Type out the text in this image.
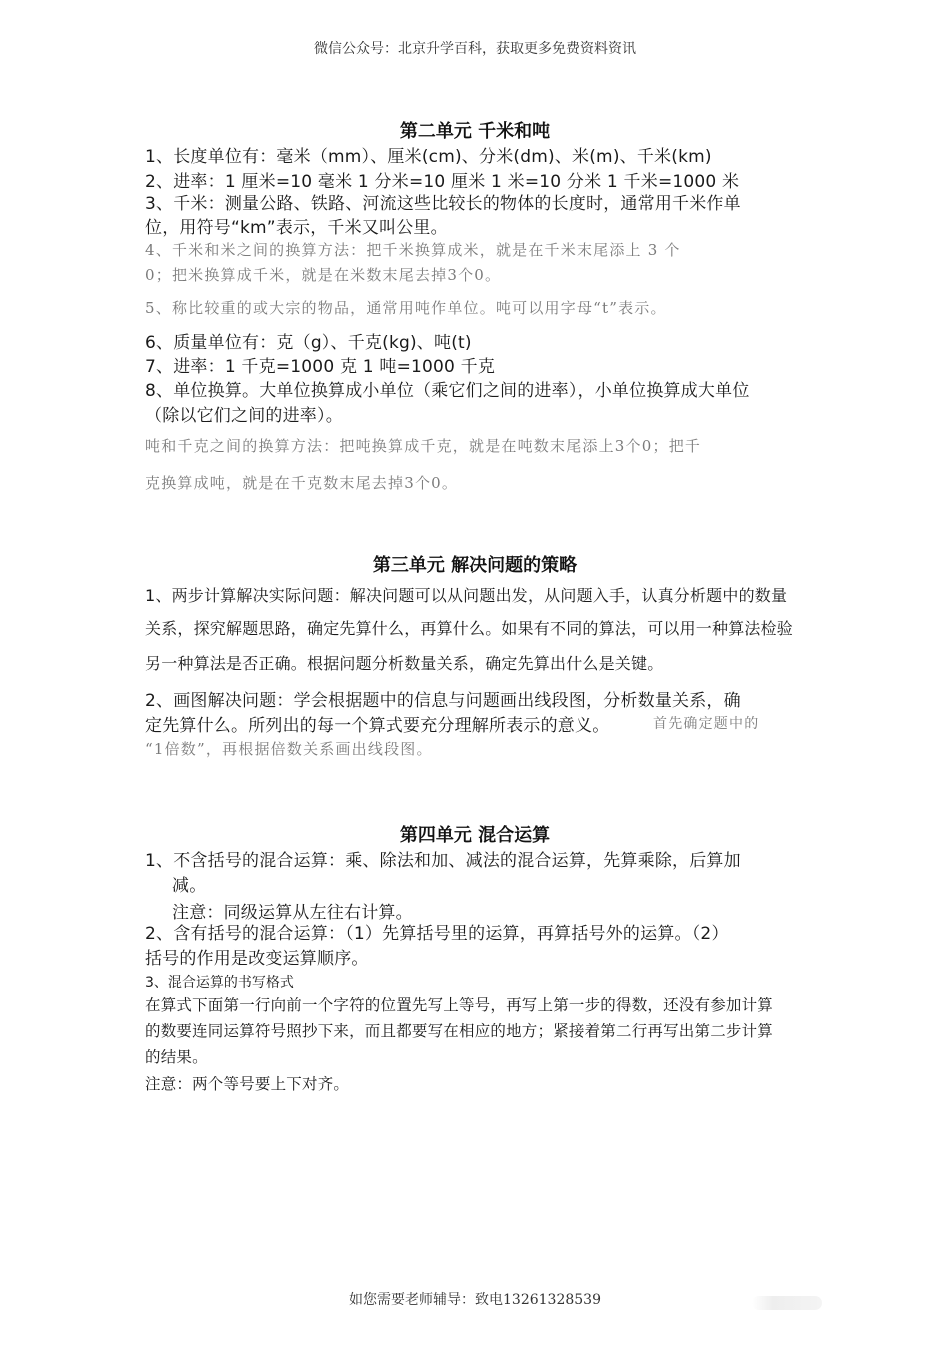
微信公众号：北京升学百科，获取更多免费资料资讯
第二单元 千米和吨
1、长度单位有：毫米（mm）、厘米(cm)、分米(dm)、米(m)、千米(km)
2、进率：1 厘米=10 毫米 1 分米=10 厘米 1 米=10 分米 1 千米=1000 米
3、千米：测量公路、铁路、河流这些比较长的物体的长度时，通常用千米作单
位，用符号“km”表示，千米又叫公里。
4、千米和米之间的换算方法：把千米换算成米，就是在千米末尾添上 3 个
0；把米换算成千米，就是在米数末尾去掉3个0。
5、称比较重的或大宗的物品，通常用吨作单位。吨可以用字母“t”表示。
6、质量单位有：克（g）、千克(kg)、吨(t)
7、进率：1 千克=1000 克 1 吨=1000 千克
8、单位换算。大单位换算成小单位（乘它们之间的进率），小单位换算成大单位
（除以它们之间的进率）。
吨和千克之间的换算方法：把吨换算成千克，就是在吨数末尾添上3个0；把千
克换算成吨，就是在千克数末尾去掉3个0。
第三单元 解决问题的策略
1、两步计算解决实际问题：解决问题可以从问题出发，从问题入手，认真分析题中的数量
关系，探究解题思路，确定先算什么，再算什么。如果有不同的算法，可以用一种算法检验
另一种算法是否正确。根据问题分析数量关系，确定先算出什么是关键。
2、画图解决问题：学会根据题中的信息与问题画出线段图，分析数量关系，确
定先算什么。所列出的每一个算式要充分理解所表示的意义。	首先确定题中的
“1倍数”，再根据倍数关系画出线段图。
第四单元 混合运算
1、不含括号的混合运算：乘、除法和加、减法的混合运算，先算乘除，后算加
减。
注意：同级运算从左往右计算。
2、含有括号的混合运算：（1）先算括号里的运算，再算括号外的运算。（2）
括号的作用是改变运算顺序。
3、混合运算的书写格式
在算式下面第一行向前一个字符的位置先写上等号，再写上第一步的得数，还没有参加计算
的数要连同运算符号照抄下来，而且都要写在相应的地方；紧接着第二行再写出第二步计算
的结果。
注意：两个等号要上下对齐。
如您需要老师辅导：致电13261328539
